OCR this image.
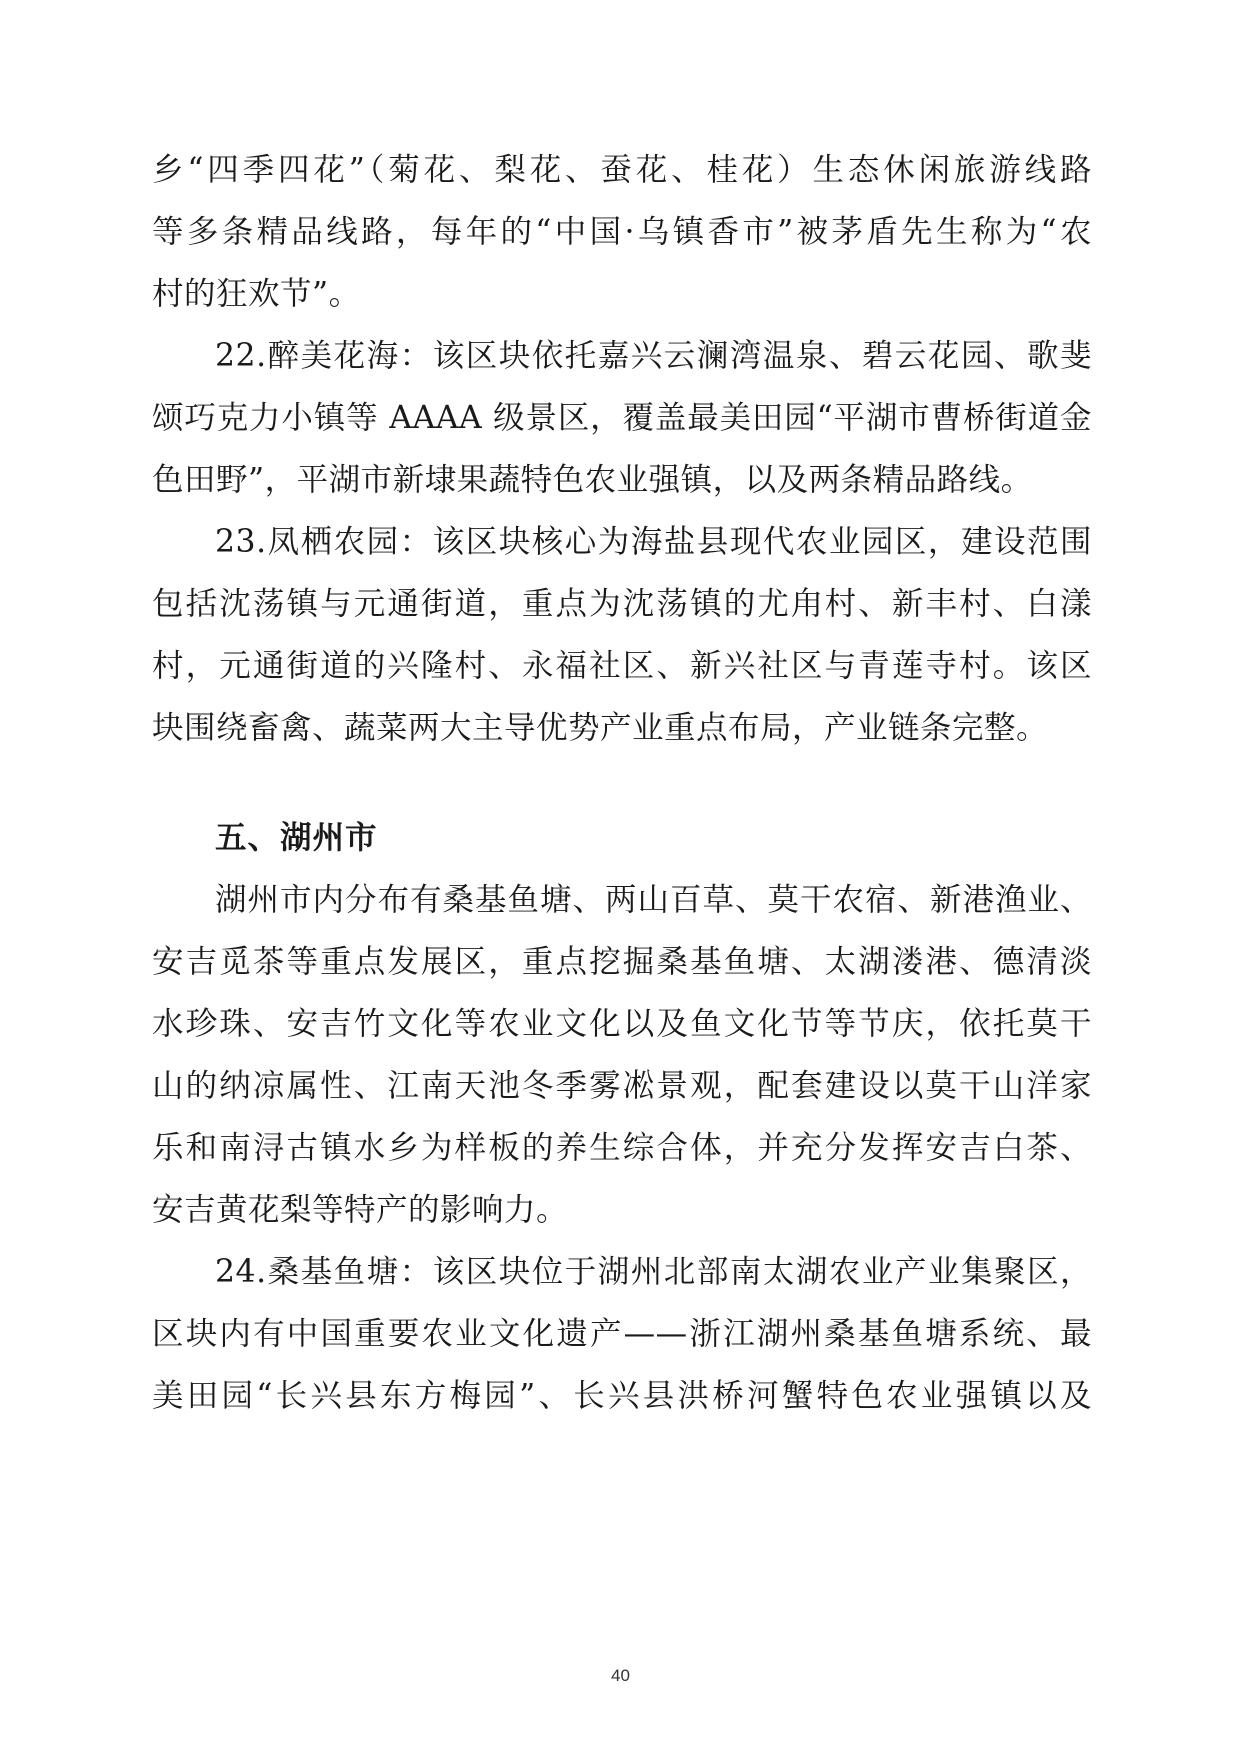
乡“四季四花”（菊花、梨花、蚕花、桂花）生态休闲旅游线路
等多条精品线路，每年的“中国·乌镇香市”被茅盾先生称为“农
村的狂欢节”。
22.醉美花海：该区块依托嘉兴云澜湾温泉、碧云花园、歌斐
颂巧克力小镇等 AAAA 级景区，覆盖最美田园“平湖市曹桥街道金
色田野”，平湖市新埭果蔬特色农业强镇，以及两条精品路线。
23.凤栖农园：该区块核心为海盐县现代农业园区，建设范围
包括沈荡镇与元通街道，重点为沈荡镇的尤甪村、新丰村、白漾
村，元通街道的兴隆村、永福社区、新兴社区与青莲寺村。该区
块围绕畜禽、蔬菜两大主导优势产业重点布局，产业链条完整。
五、湖州市
湖州市内分布有桑基鱼塘、两山百草、莫干农宿、新港渔业、
安吉觅茶等重点发展区，重点挖掘桑基鱼塘、太湖溇港、德清淡
水珍珠、安吉竹文化等农业文化以及鱼文化节等节庆，依托莫干
山的纳凉属性、江南天池冬季雾凇景观，配套建设以莫干山洋家
乐和南浔古镇水乡为样板的养生综合体，并充分发挥安吉白茶、
安吉黄花梨等特产的影响力。
24.桑基鱼塘：该区块位于湖州北部南太湖农业产业集聚区，
区块内有中国重要农业文化遗产——浙江湖州桑基鱼塘系统、最
美田园“长兴县东方梅园”、长兴县洪桥河蟹特色农业强镇以及
40
